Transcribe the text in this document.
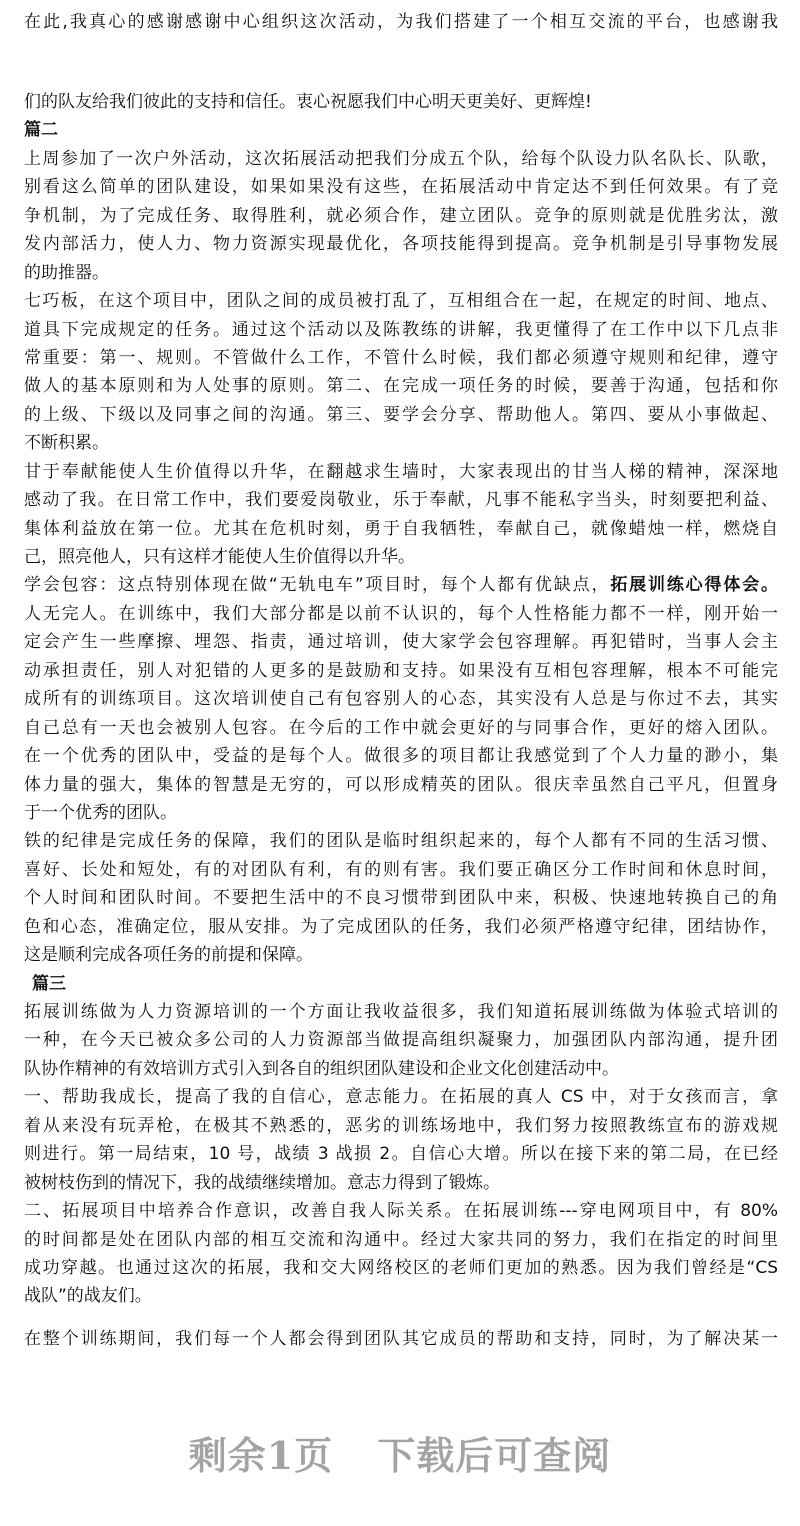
在此,我真心的感谢感谢中心组织这次活动，为我们搭建了一个相互交流的平台，也感谢我
们的队友给我们彼此的支持和信任。衷心祝愿我们中心明天更美好、更辉煌!
篇二
上周参加了一次户外活动，这次拓展活动把我们分成五个队，给每个队设力队名队长、队歌，
别看这么简单的团队建设，如果如果没有这些，在拓展活动中肯定达不到任何效果。有了竞
争机制，为了完成任务、取得胜利，就必须合作，建立团队。竞争的原则就是优胜劣汰，激
发内部活力，使人力、物力资源实现最优化，各项技能得到提高。竞争机制是引导事物发展
的助推器。
七巧板，在这个项目中，团队之间的成员被打乱了，互相组合在一起，在规定的时间、地点、
道具下完成规定的任务。通过这个活动以及陈教练的讲解，我更懂得了在工作中以下几点非
常重要：第一、规则。不管做什么工作，不管什么时候，我们都必须遵守规则和纪律，遵守
做人的基本原则和为人处事的原则。第二、在完成一项任务的时候，要善于沟通，包括和你
的上级、下级以及同事之间的沟通。第三、要学会分享、帮助他人。第四、要从小事做起、
不断积累。
甘于奉献能使人生价值得以升华，在翻越求生墙时，大家表现出的甘当人梯的精神，深深地
感动了我。在日常工作中，我们要爱岗敬业，乐于奉献，凡事不能私字当头，时刻要把利益、
集体利益放在第一位。尤其在危机时刻，勇于自我牺牲，奉献自己，就像蜡烛一样，燃烧自
己，照亮他人，只有这样才能使人生价值得以升华。
学会包容：这点特别体现在做“无轨电车”项目时，每个人都有优缺点，拓展训练心得体会。
人无完人。在训练中，我们大部分都是以前不认识的，每个人性格能力都不一样，刚开始一
定会产生一些摩擦、埋怨、指责，通过培训，使大家学会包容理解。再犯错时，当事人会主
动承担责任，别人对犯错的人更多的是鼓励和支持。如果没有互相包容理解，根本不可能完
成所有的训练项目。这次培训使自己有包容别人的心态，其实没有人总是与你过不去，其实
自己总有一天也会被别人包容。在今后的工作中就会更好的与同事合作，更好的熔入团队。
在一个优秀的团队中，受益的是每个人。做很多的项目都让我感觉到了个人力量的渺小，集
体力量的强大，集体的智慧是无穷的，可以形成精英的团队。很庆幸虽然自己平凡，但置身
于一个优秀的团队。
铁的纪律是完成任务的保障，我们的团队是临时组织起来的，每个人都有不同的生活习惯、
喜好、长处和短处，有的对团队有利，有的则有害。我们要正确区分工作时间和休息时间，
个人时间和团队时间。不要把生活中的不良习惯带到团队中来，积极、快速地转换自己的角
色和心态，准确定位，服从安排。为了完成团队的任务，我们必须严格遵守纪律，团结协作，
这是顺利完成各项任务的前提和保障。
篇三
拓展训练做为人力资源培训的一个方面让我收益很多，我们知道拓展训练做为体验式培训的
一种，在今天已被众多公司的人力资源部当做提高组织凝聚力，加强团队内部沟通，提升团
队协作精神的有效培训方式引入到各自的组织团队建设和企业文化创建活动中。
一、帮助我成长，提高了我的自信心，意志能力。在拓展的真人 CS 中，对于女孩而言，拿
着从来没有玩弄枪，在极其不熟悉的，恶劣的训练场地中，我们努力按照教练宣布的游戏规
则进行。第一局结束，10 号，战绩 3 战损 2。自信心大增。所以在接下来的第二局，在已经
被树枝伤到的情况下，我的战绩继续增加。意志力得到了锻炼。
二、拓展项目中培养合作意识，改善自我人际关系。在拓展训练---穿电网项目中，有 80%
的时间都是处在团队内部的相互交流和沟通中。经过大家共同的努力，我们在指定的时间里
成功穿越。也通过这次的拓展，我和交大网络校区的老师们更加的熟悉。因为我们曾经是“CS
战队”的战友们。
在整个训练期间，我们每一个人都会得到团队其它成员的帮助和支持，同时，为了解决某一
剩余1页 下载后可查阅
